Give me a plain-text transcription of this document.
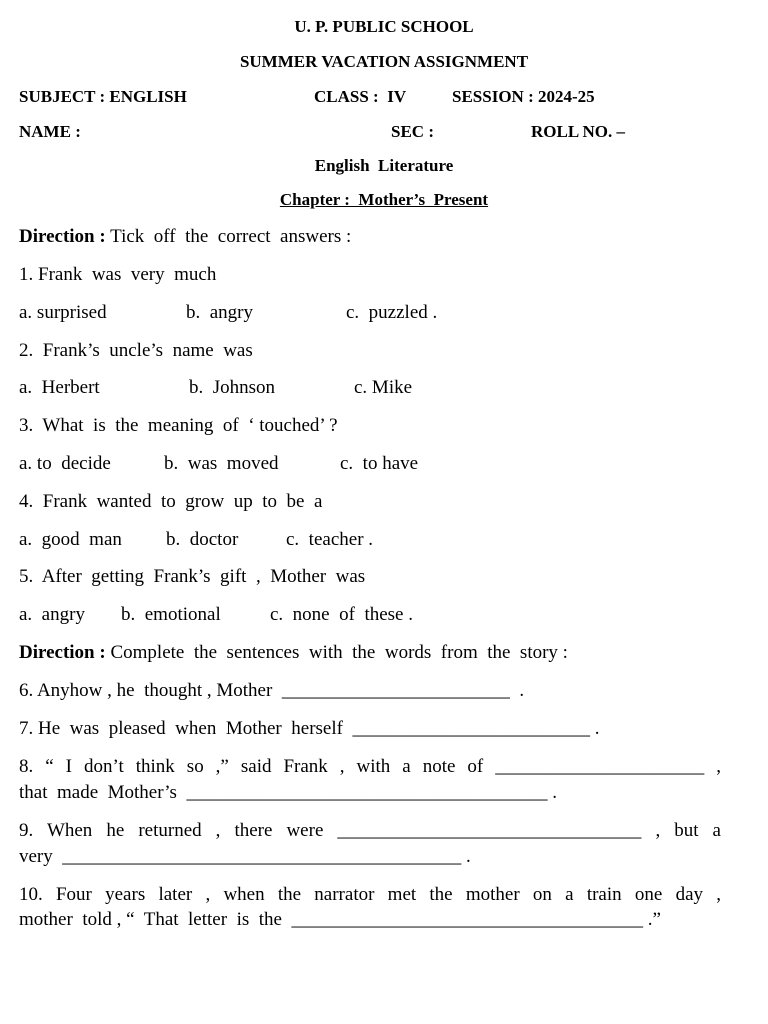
U. P. PUBLIC SCHOOL
SUMMER VACATION ASSIGNMENT
SUBJECT : ENGLISH	CLASS :  IV	SESSION : 2024-25
NAME :	SEC :	ROLL NO. –
English  Literature
Chapter :  Mother’s  Present
Direction : Tick  off  the  correct  answers :
1. Frank  was  very  much
a. surprised	b.  angry	c.  puzzled .
2.  Frank’s  uncle’s  name  was
a.  Herbert	b.  Johnson	c. Mike
3.  What  is  the  meaning  of  ‘ touched’ ?
a. to  decide	b.  was  moved	c.  to have
4.  Frank  wanted  to  grow  up  to  be  a
a.  good  man b.  doctor	c.  teacher .
5.  After  getting  Frank’s  gift  ,  Mother  was
a.  angry b.  emotional	c.  none  of  these .
Direction : Complete  the  sentences  with  the  words  from  the  story :
6. Anyhow , he  thought , Mother  ________________________  .
7. He  was  pleased  when  Mother  herself  _________________________ .
8. “ I don’t think so ,” said Frank , with a note of ______________________ ,
that  made  Mother’s  ______________________________________ .
9. When he returned , there were ________________________________ , but a
very  __________________________________________ .
10. Four years later , when the narrator met the mother on a train one day ,
mother  told , “  That  letter  is  the  _____________________________________ .”
